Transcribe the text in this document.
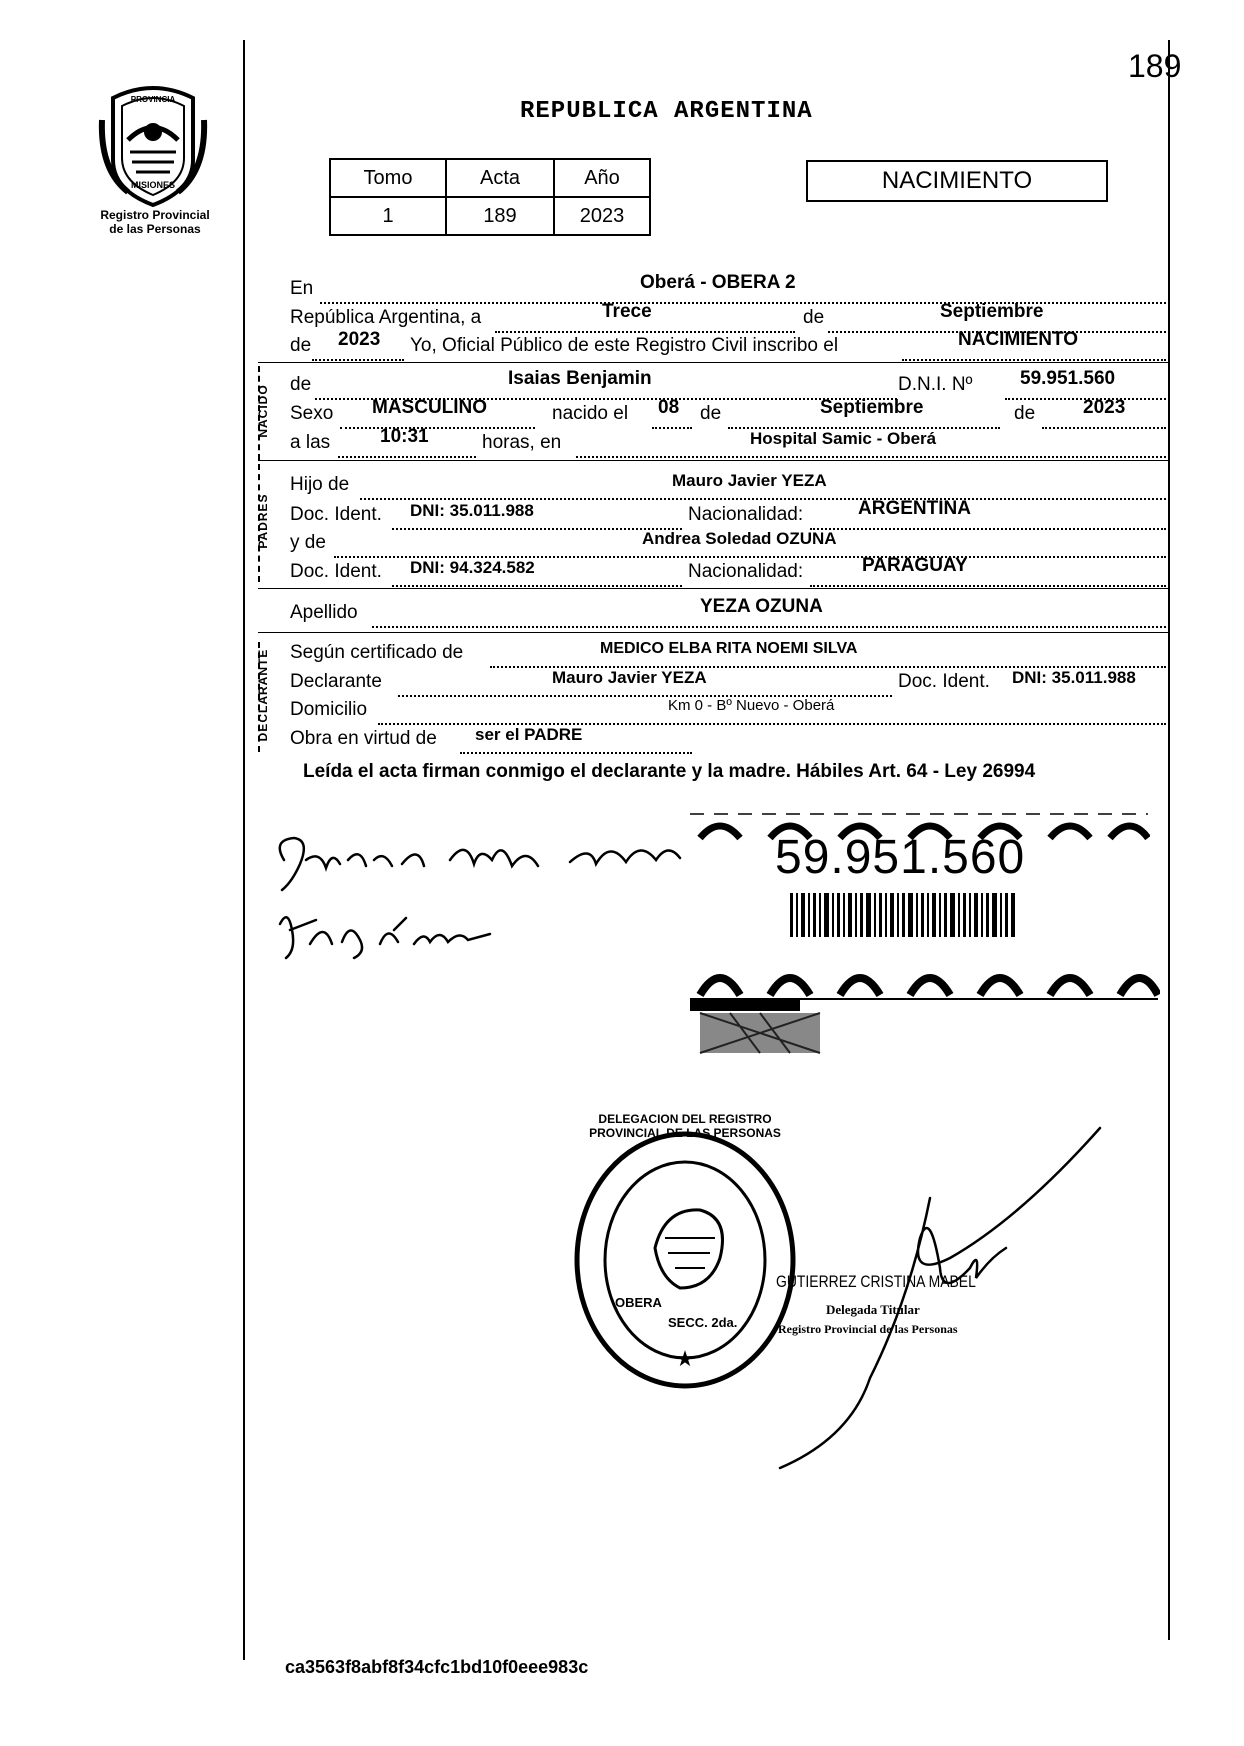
189
PROVINCIA
MISIONES
Registro Provincial
de las Personas
REPUBLICA ARGENTINA
Tomo	Acta	Año
1	189	2023
NACIMIENTO
En	Oberá - OBERA 2
República Argentina, a	Trece	de	Septiembre
de 2023 Yo, Oficial Público de este Registro Civil inscribo el	NACIMIENTO
NACIDO de	Isaias Benjamin	D.N.I. Nº	59.951.560
Sexo MASCULINO	nacido el 08 de	Septiembre	de	2023
a las	10:31	horas, en	Hospital Samic - Oberá
PADRES
Hijo de	Mauro Javier YEZA
Doc. Ident. DNI: 35.011.988	Nacionalidad:	ARGENTINA
y de	Andrea Soledad OZUNA
Doc. Ident. DNI: 94.324.582	Nacionalidad:	PARAGUAY
Apellido	YEZA OZUNA
DECLARANTE Según certificado de	MEDICO ELBA RITA NOEMI SILVA
Declarante	Mauro Javier YEZA	Doc. Ident. DNI: 35.011.988
Domicilio	Km 0 - Bº Nuevo - Oberá
Obra en virtud de ser el PADRE
Leída el acta firman conmigo el declarante y la madre. Hábiles Art. 64 - Ley 26994
59.951.560
★
DELEGACION DEL REGISTRO PROVINCIAL DE LAS PERSONAS
OBERA
SECC. 2da.
GUTIERREZ CRISTINA MABEL
Delegada Titular
Registro Provincial de las Personas
ca3563f8abf8f34cfc1bd10f0eee983c
